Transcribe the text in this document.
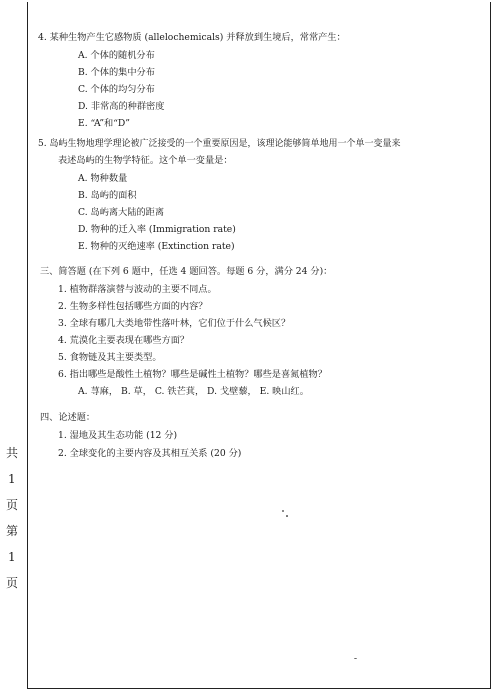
4. 某种生物产生它感物质 (allelochemicals) 并释放到生境后，常常产生：
A. 个体的随机分布
B. 个体的集中分布
C. 个体的均匀分布
D. 非常高的种群密度
E. “A”和“D”
5. 岛屿生物地理学理论被广泛接受的一个重要原因是，该理论能够简单地用一个单一变量来
表述岛屿的生物学特征。这个单一变量是：
A. 物种数量
B. 岛屿的面积
C. 岛屿离大陆的距离
D. 物种的迁入率 (Immigration rate)
E. 物种的灭绝速率 (Extinction rate)
三、简答题 (在下列 6 题中，任选 4 题回答。每题 6 分，满分 24 分)：
1. 植物群落演替与波动的主要不同点。
2. 生物多样性包括哪些方面的内容？
3. 全球有哪几大类地带性落叶林，它们位于什么气候区？
4. 荒漠化主要表现在哪些方面？
5. 食物链及其主要类型。
6. 指出哪些是酸性土植物？哪些是碱性土植物？哪些是喜氮植物？
A. 荨麻， B. 草， C. 铁芒萁， D. 戈壁藜， E. 映山红。
四、论述题：
1. 湿地及其生态功能 (12 分)
2. 全球变化的主要内容及其相互关系 (20 分)
共
1
页
第
1
页
